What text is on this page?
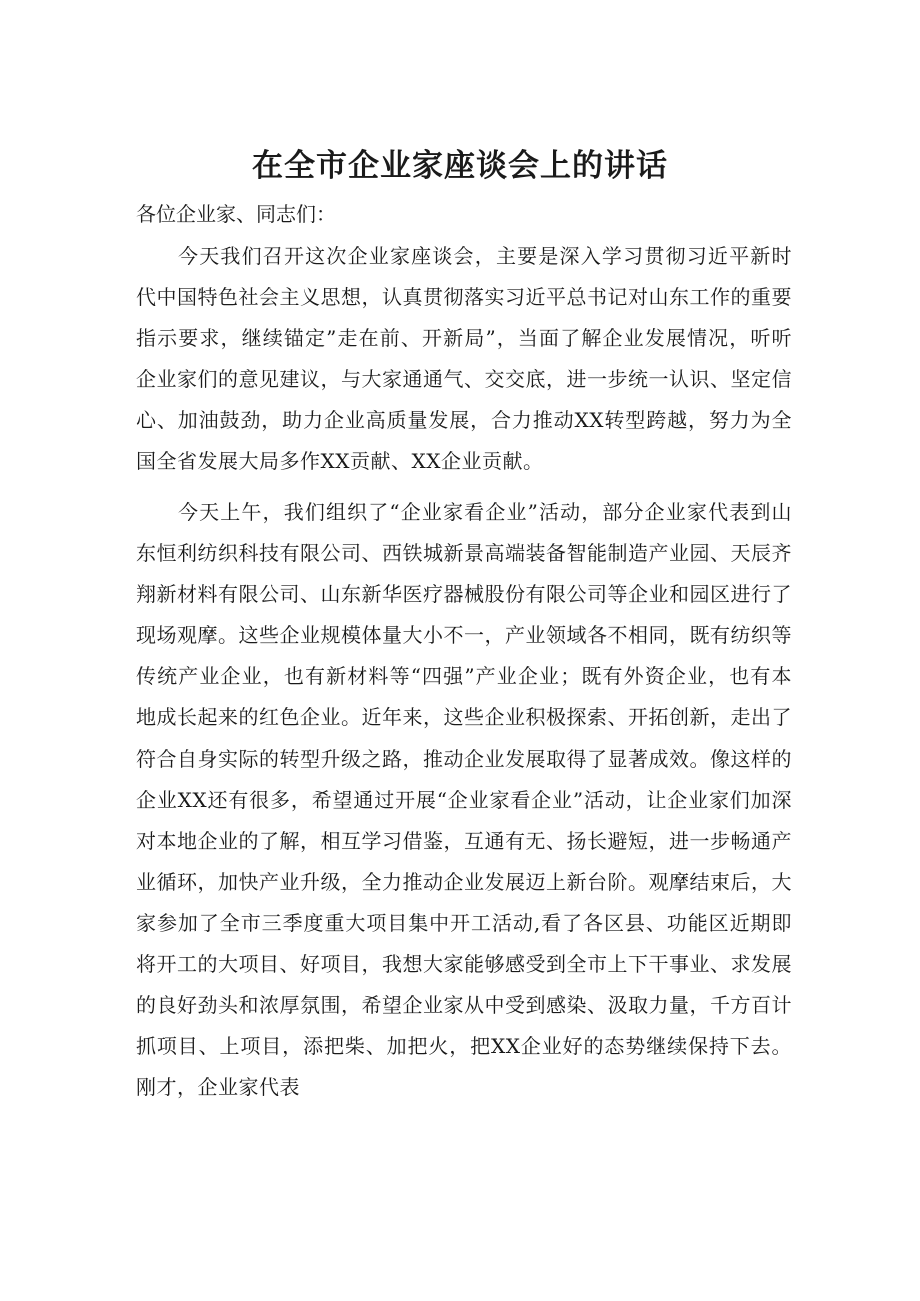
在全市企业家座谈会上的讲话

各位企业家、同志们：

今天我们召开这次企业家座谈会，主要是深入学习贯彻习近平新时代中国特色社会主义思想，认真贯彻落实习近平总书记对山东工作的重要指示要求，继续锚定”走在前、开新局”，当面了解企业发展情况，听听企业家们的意见建议，与大家通通气、交交底，进一步统一认识、坚定信心、加油鼓劲，助力企业高质量发展，合力推动XX转型跨越，努力为全国全省发展大局多作XX贡献、XX企业贡献。

今天上午，我们组织了“企业家看企业”活动，部分企业家代表到山东恒利纺织科技有限公司、西铁城新景高端装备智能制造产业园、天辰齐翔新材料有限公司、山东新华医疗器械股份有限公司等企业和园区进行了现场观摩。这些企业规模体量大小不一，产业领域各不相同，既有纺织等传统产业企业，也有新材料等“四强”产业企业；既有外资企业，也有本地成长起来的红色企业。近年来，这些企业积极探索、开拓创新，走出了符合自身实际的转型升级之路，推动企业发展取得了显著成效。像这样的企业XX还有很多，希望通过开展“企业家看企业”活动，让企业家们加深对本地企业的了解，相互学习借鉴，互通有无、扬长避短，进一步畅通产业循环，加快产业升级，全力推动企业发展迈上新台阶。观摩结束后，大家参加了全市三季度重大项目集中开工活动,看了各区县、功能区近期即将开工的大项目、好项目，我想大家能够感受到全市上下干事业、求发展的良好劲头和浓厚氛围，希望企业家从中受到感染、汲取力量，千方百计抓项目、上项目，添把柴、加把火，把XX企业好的态势继续保持下去。刚才，企业家代表
